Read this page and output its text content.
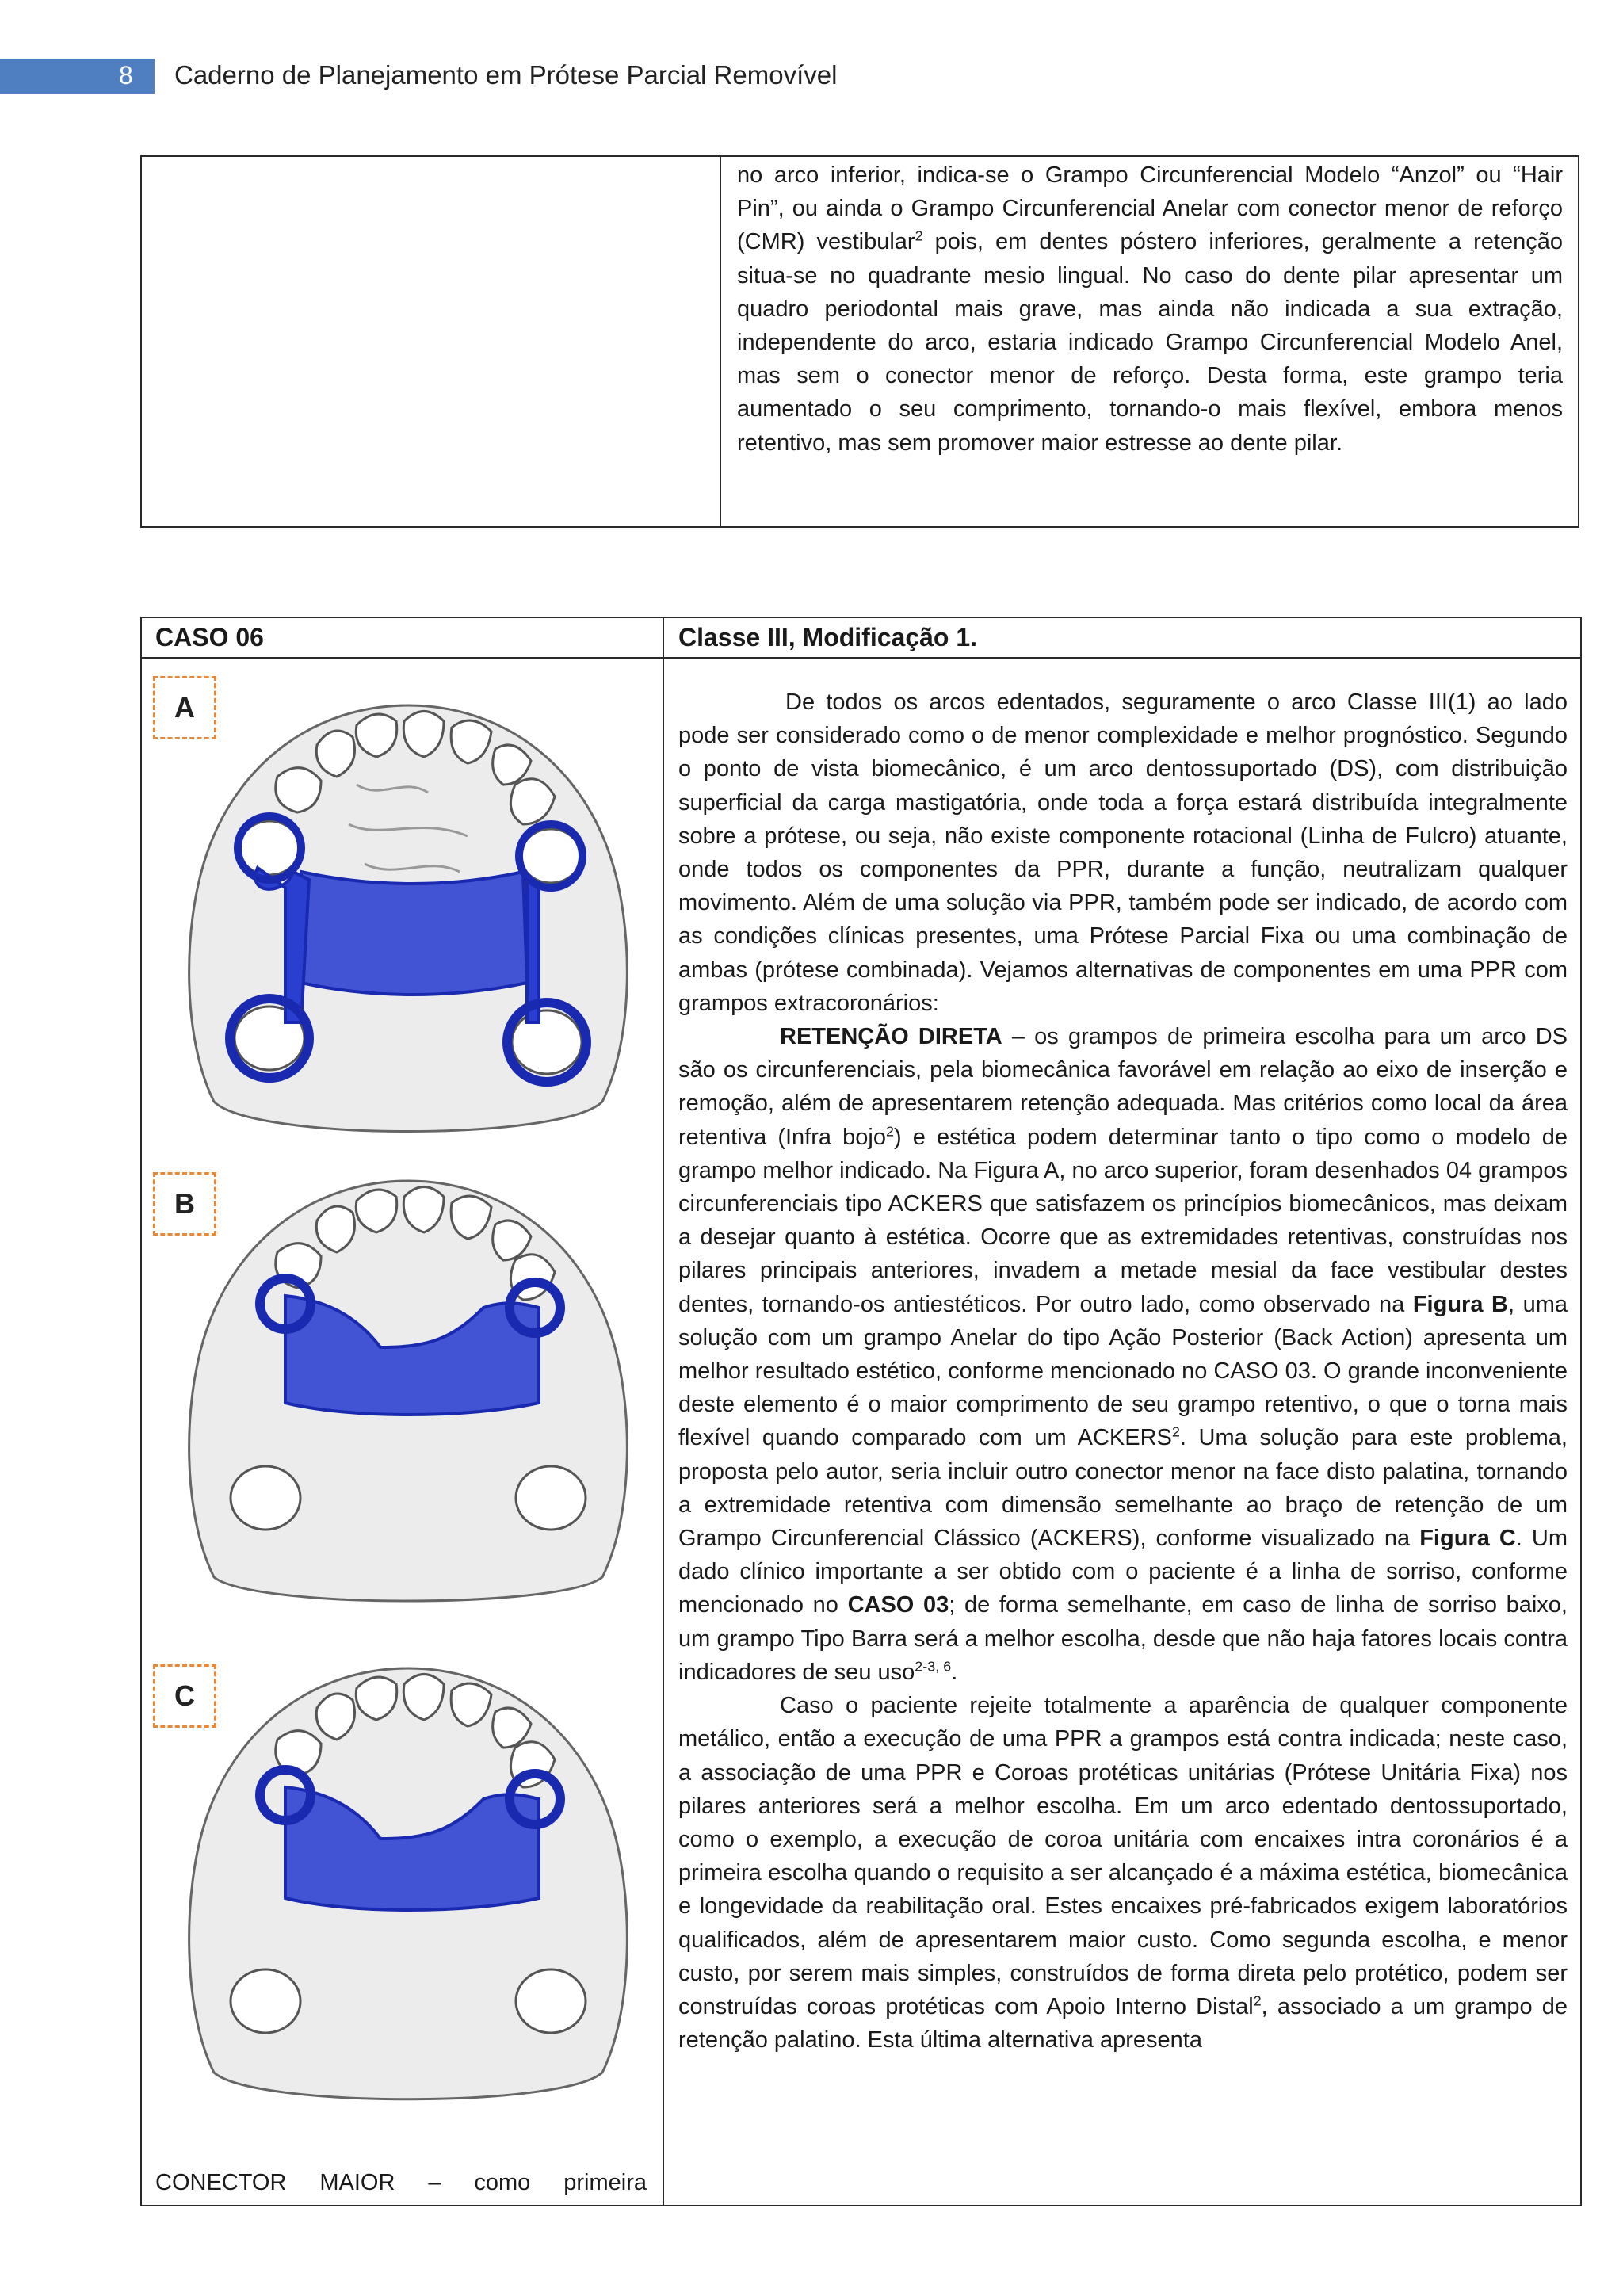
8 Caderno de Planejamento em Prótese Parcial Removível

no arco inferior, indica-se o Grampo Circunferencial Modelo “Anzol” ou “Hair Pin”, ou ainda o Grampo Circunferencial Anelar com conector menor de reforço (CMR) vestibular$^2$ pois, em dentes póstero inferiores, geralmente a retenção situa-se no quadrante mesio lingual. No caso do dente pilar apresentar um quadro periodontal mais grave, mas ainda não indicada a sua extração, independente do arco, estaria indicado Grampo Circunferencial Modelo Anel, mas sem o conector menor de reforço. Desta forma, este grampo teria aumentado o seu comprimento, tornando-o mais flexível, embora menos retentivo, mas sem promover maior estresse ao dente pilar.

CASO 06	Classe III, Modificação 1.
A
B
C
CONECTOR MAIOR – como primeira

De todos os arcos edentados, seguramente o arco Classe III(1) ao lado pode ser considerado como o de menor complexidade e melhor prognóstico. Segundo o ponto de vista biomecânico, é um arco dentossuportado (DS), com distribuição superficial da carga mastigatória, onde toda a força estará distribuída integralmente sobre a prótese, ou seja, não existe componente rotacional (Linha de Fulcro) atuante, onde todos os componentes da PPR, durante a função, neutralizam qualquer movimento. Além de uma solução via PPR, também pode ser indicado, de acordo com as condições clínicas presentes, uma Prótese Parcial Fixa ou uma combinação de ambas (prótese combinada). Vejamos alternativas de componentes em uma PPR com grampos extracoronários:

RETENÇÃO DIRETA – os grampos de primeira escolha para um arco DS são os circunferenciais, pela biomecânica favorável em relação ao eixo de inserção e remoção, além de apresentarem retenção adequada. Mas critérios como local da área retentiva (Infra bojo$^2$) e estética podem determinar tanto o tipo como o modelo de grampo melhor indicado. Na Figura A, no arco superior, foram desenhados 04 grampos circunferenciais tipo ACKERS que satisfazem os princípios biomecânicos, mas deixam a desejar quanto à estética. Ocorre que as extremidades retentivas, construídas nos pilares principais anteriores, invadem a metade mesial da face vestibular destes dentes, tornando-os antiestéticos. Por outro lado, como observado na Figura B, uma solução com um grampo Anelar do tipo Ação Posterior (Back Action) apresenta um melhor resultado estético, conforme mencionado no CASO 03. O grande inconveniente deste elemento é o maior comprimento de seu grampo retentivo, o que o torna mais flexível quando comparado com um ACKERS$^2$. Uma solução para este problema, proposta pelo autor, seria incluir outro conector menor na face disto palatina, tornando a extremidade retentiva com dimensão semelhante ao braço de retenção de um Grampo Circunferencial Clássico (ACKERS), conforme visualizado na Figura C. Um dado clínico importante a ser obtido com o paciente é a linha de sorriso, conforme mencionado no CASO 03; de forma semelhante, em caso de linha de sorriso baixo, um grampo Tipo Barra será a melhor escolha, desde que não haja fatores locais contra indicadores de seu uso$^{2-3, 6}$.

Caso o paciente rejeite totalmente a aparência de qualquer componente metálico, então a execução de uma PPR a grampos está contra indicada; neste caso, a associação de uma PPR e Coroas protéticas unitárias (Prótese Unitária Fixa) nos pilares anteriores será a melhor escolha. Em um arco edentado dentossuportado, como o exemplo, a execução de coroa unitária com encaixes intra coronários é a primeira escolha quando o requisito a ser alcançado é a máxima estética, biomecânica e longevidade da reabilitação oral. Estes encaixes pré-fabricados exigem laboratórios qualificados, além de apresentarem maior custo. Como segunda escolha, e menor custo, por serem mais simples, construídos de forma direta pelo protético, podem ser construídas coroas protéticas com Apoio Interno Distal$^2$, associado a um grampo de retenção palatino. Esta última alternativa apresenta
